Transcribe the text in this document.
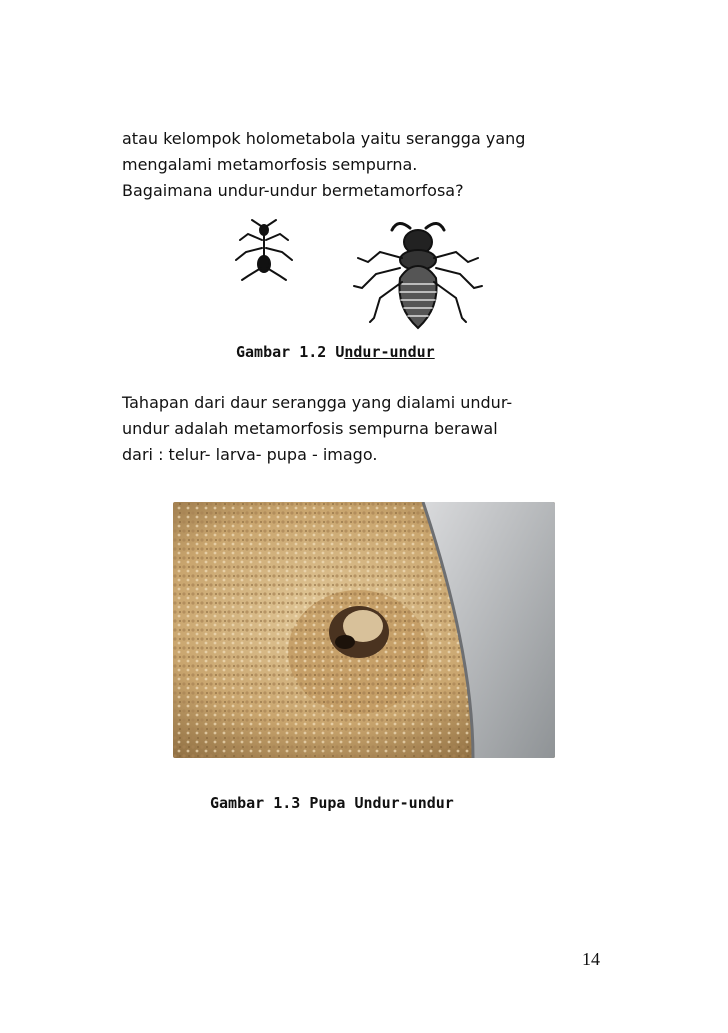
atau kelompok holometabola yaitu serangga yang
mengalami metamorfosis sempurna.
Bagaimana undur-undur bermetamorfosa?

Gambar 1.2 Undur-undur

Tahapan dari daur serangga yang dialami undur-
undur adalah metamorfosis sempurna berawal
dari : telur- larva- pupa - imago.

Gambar 1.3 Pupa Undur-undur

14
